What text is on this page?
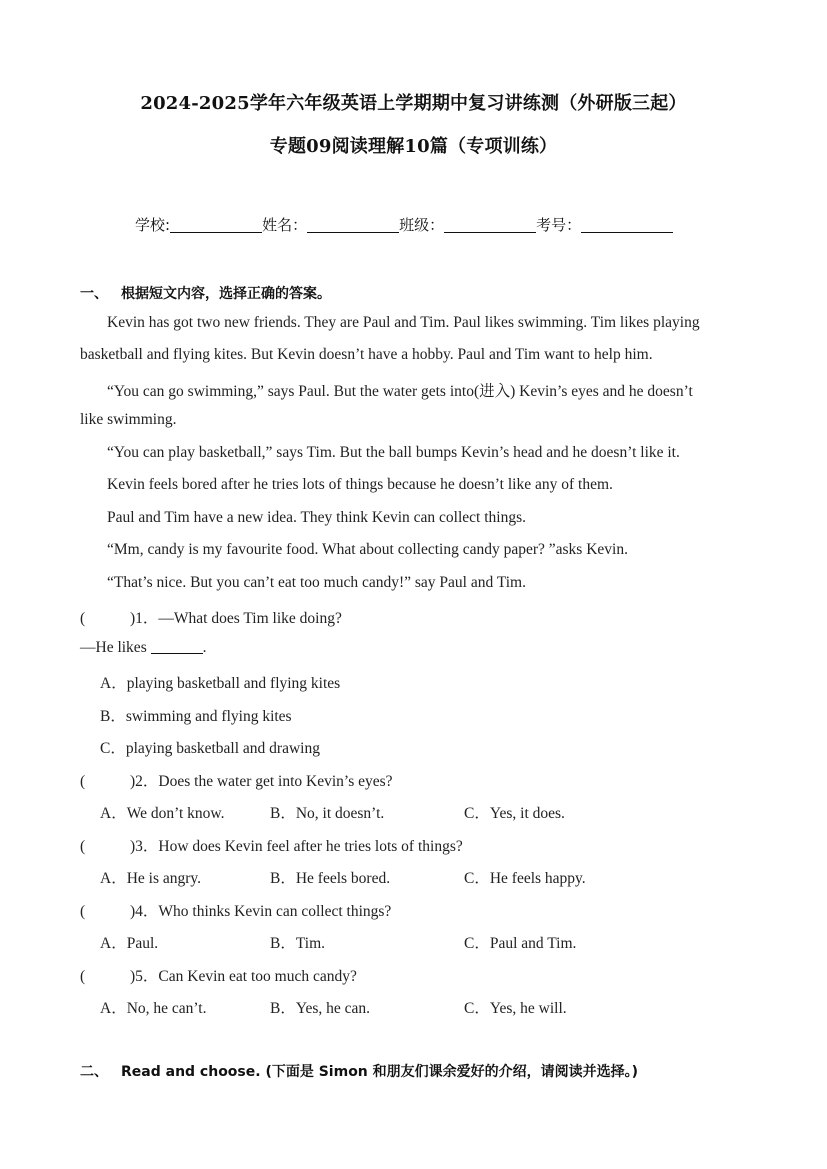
2024-2025学年六年级英语上学期期中复习讲练测（外研版三起）
专题09阅读理解10篇（专项训练）
学校:	姓名：	班级：	考号：
一、 根据短文内容，选择正确的答案。
Kevin has got two new friends. They are Paul and Tim. Paul likes swimming. Tim likes playing
basketball and flying kites. But Kevin doesn’t have a hobby. Paul and Tim want to help him.
“You can go swimming,” says Paul. But the water gets into(进入) Kevin’s eyes and he doesn’t
like swimming.
“You can play basketball,” says Tim. But the ball bumps Kevin’s head and he doesn’t like it.
Kevin feels bored after he tries lots of things because he doesn’t like any of them.
Paul and Tim have a new idea. They think Kevin can collect things.
“Mm, candy is my favourite food. What about collecting candy paper? ”asks Kevin.
“That’s nice. But you can’t eat too much candy!” say Paul and Tim.
(	)1．—What does Tim like doing?
—He likes	.
A．playing basketball and flying kites
B．swimming and flying kites
C．playing basketball and drawing
(	)2．Does the water get into Kevin’s eyes?
A．We don’t know.	B．No, it doesn’t.	C．Yes, it does.
(	)3．How does Kevin feel after he tries lots of things?
A．He is angry.	B．He feels bored.	C．He feels happy.
(	)4．Who thinks Kevin can collect things?
A．Paul.	B．Tim.	C．Paul and Tim.
(	)5．Can Kevin eat too much candy?
A．No, he can’t.	B．Yes, he can.	C．Yes, he will.
二、 Read and choose. (下面是 Simon 和朋友们课余爱好的介绍，请阅读并选择。)
